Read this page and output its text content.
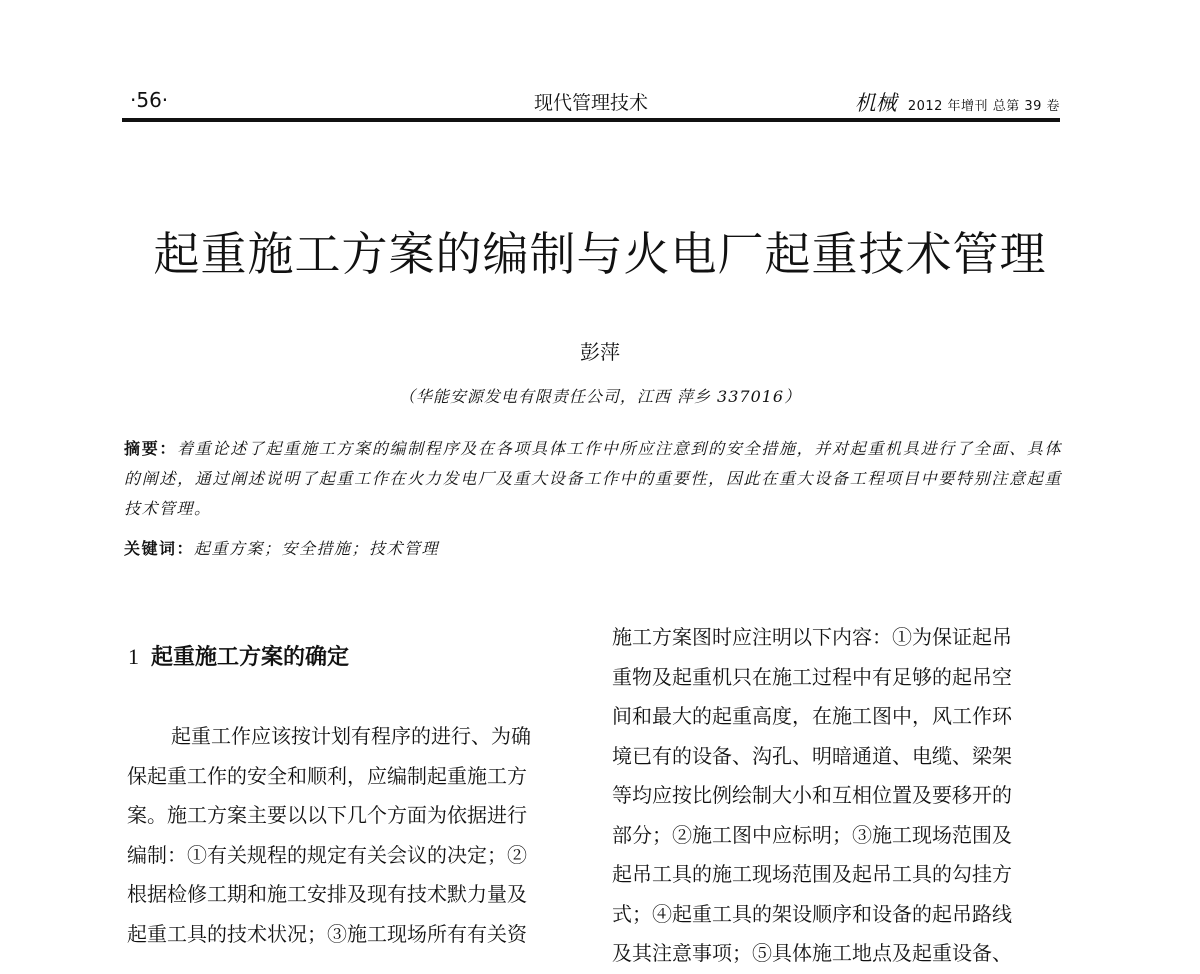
·56·	现代管理技术	机械 2012 年增刊 总第 39 卷
起重施工方案的编制与火电厂起重技术管理
彭萍
（华能安源发电有限责任公司，江西 萍乡 337016）
摘要：着重论述了起重施工方案的编制程序及在各项具体工作中所应注意到的安全措施，并对起重机具进行了全面、具体的阐述，通过阐述说明了起重工作在火力发电厂及重大设备工作中的重要性，因此在重大设备工程项目中要特别注意起重技术管理。
关键词：起重方案；安全措施；技术管理
1 起重施工方案的确定
起重工作应该按计划有程序的进行、为确
保起重工作的安全和顺利，应编制起重施工方
案。施工方案主要以以下几个方面为依据进行
编制：①有关规程的规定有关会议的决定；②
根据检修工期和施工安排及现有技术默力量及
起重工具的技术状况；③施工现场所有有关资
施工方案图时应注明以下内容：①为保证起吊
重物及起重机只在施工过程中有足够的起吊空
间和最大的起重高度，在施工图中，风工作环
境已有的设备、沟孔、明暗通道、电缆、梁架
等均应按比例绘制大小和互相位置及要移开的
部分；②施工图中应标明；③施工现场范围及
起吊工具的施工现场范围及起吊工具的勾挂方
式；④起重工具的架设顺序和设备的起吊路线
及其注意事项；⑤具体施工地点及起重设备、
